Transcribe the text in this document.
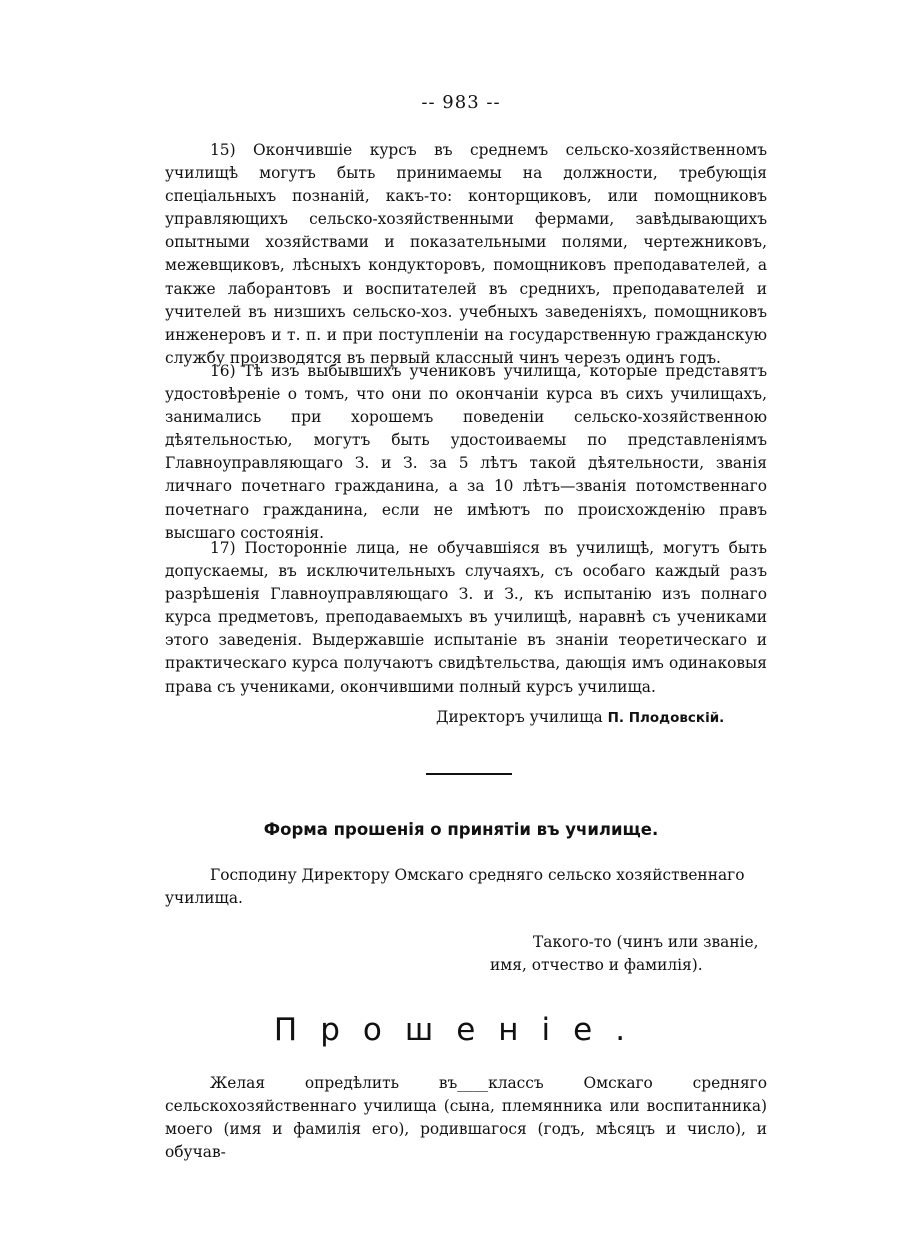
-- 983 --
15) Окончившіе курсъ въ среднемъ сельско-хозяйственномъ училищѣ могутъ быть принимаемы на должности, требующія спеціальныхъ познаній, какъ-то: конторщиковъ, или помощниковъ управляющихъ сельско-хозяйственными фермами, завѣдывающихъ опытными хозяйствами и показательными полями, чертежниковъ, межевщиковъ, лѣсныхъ кондукторовъ, помощниковъ преподавателей, а также лаборантовъ и воспитателей въ среднихъ, преподавателей и учителей въ низшихъ сельско-хоз. учебныхъ заведеніяхъ, помощниковъ инженеровъ и т. п. и при поступленіи на государственную гражданскую службу производятся въ первый классный чинъ черезъ одинъ годъ.
16) Тѣ изъ выбывшихъ учениковъ училища, которые представятъ удостовѣреніе о томъ, что они по окончаніи курса въ сихъ училищахъ, занимались при хорошемъ поведеніи сельско-хозяйственною дѣятельностью, могутъ быть удостоиваемы по представленіямъ Главноуправляющаго З. и З. за 5 лѣтъ такой дѣятельности, званія личнаго почетнаго гражданина, а за 10 лѣтъ—званія потомственнаго почетнаго гражданина, если не имѣютъ по происхожденію правъ высшаго состоянія.
17) Посторонніе лица, не обучавшіяся въ училищѣ, могутъ быть допускаемы, въ исключительныхъ случаяхъ, съ особаго каждый разъ разрѣшенія Главноуправляющаго З. и З., къ испытанію изъ полнаго курса предметовъ, преподаваемыхъ въ училищѣ, наравнѣ съ учениками этого заведенія. Выдержавшіе испытаніе въ знаніи теоретическаго и практическаго курса получаютъ свидѣтельства, дающія имъ одинаковыя права съ учениками, окончившими полный курсъ училища.
Директоръ училища П. Плодовскій.
Форма прошенія о принятіи въ училище.
Господину Директору Омскаго средняго сельско хозяйственнаго училища.
Такого-то (чинъ или званіе,
имя, отчество и фамилія).
Прошеніе.
Желая опредѣлить въ____классъ Омскаго средняго сельскохозяйственнаго училища (сына, племянника или воспитанника) моего (имя и фамилія его), родившагося (годъ, мѣсяцъ и число), и обучав-
